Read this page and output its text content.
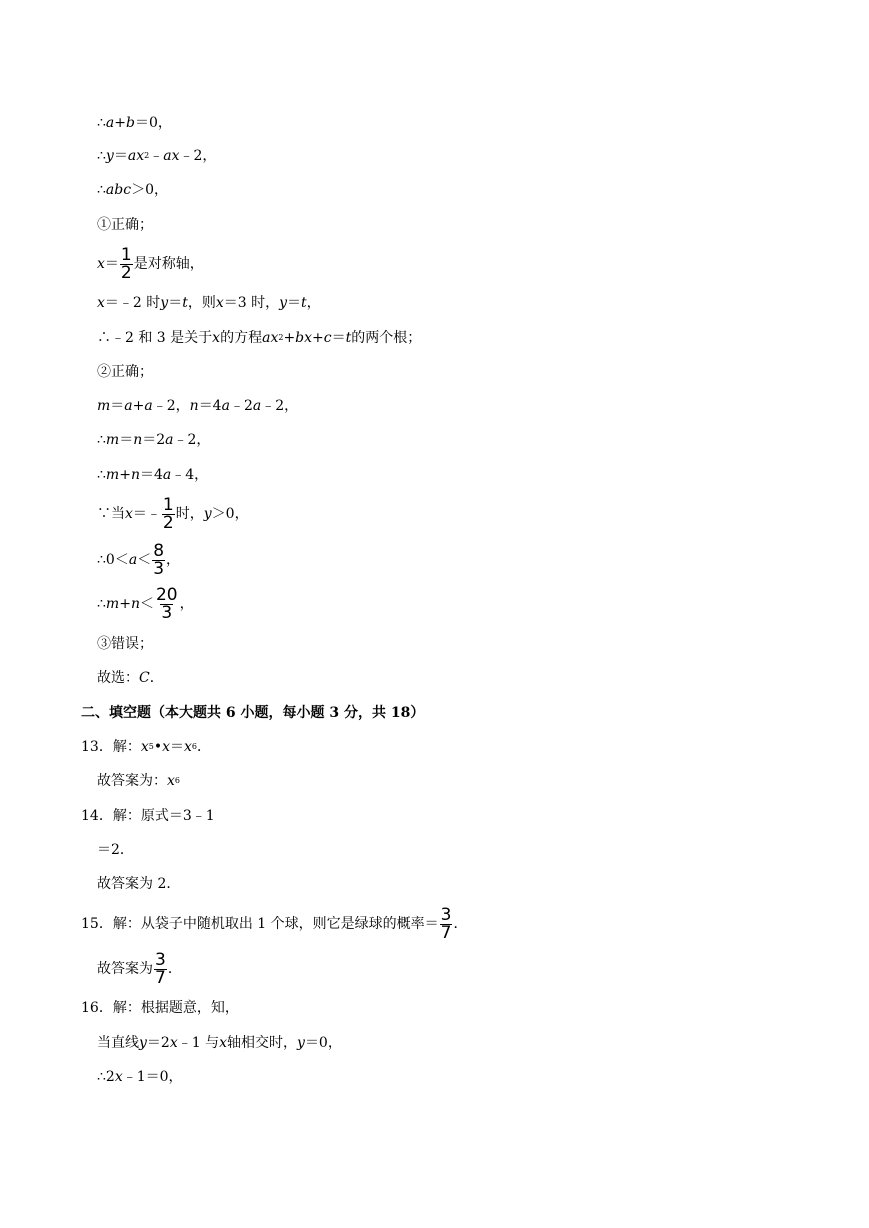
∴ a + b ＝0，
∴ y ＝ a x 2 ﹣ a x ﹣2，
∴ abc ＞0，
①正确；
$x = \frac{1}{2}$ 是对称轴，
x ＝﹣2 时 y ＝ t ，则 x ＝3 时， y ＝ t ，
∴﹣2 和 3 是关于 x 的方程 a x 2 + b x + c ＝ t 的两个根；
②正确；
m ＝ a + a ﹣2， n ＝4 a ﹣2 a ﹣2，
∴ m ＝ n ＝2 a ﹣2，
∴ m + n ＝4 a ﹣4，
∵当 x ＝﹣ $\frac{1}{2}$ 时， y ＞0，
∴0＜ $a < \frac{8}{3}$ ，
∴ $m + n < \frac{20}{3}$ ，
③错误；
故选： C ．
二、填空题（本大题共 6 小题，每小题 3 分，共 18）
13．解： x 5 • x ＝ x 6 ．
故答案为： x 6
14．解：原式＝3﹣1
＝2．
故答案为 2．
15．解：从袋子中随机取出 1 个球，则它是绿球的概率＝ $\frac{3}{7}$ ．
故答案为 $\frac{3}{7}$ ．
16．解：根据题意，知，
当直线 y ＝2 x ﹣1 与 x 轴相交时， y ＝0，
∴2 x ﹣1＝0，
